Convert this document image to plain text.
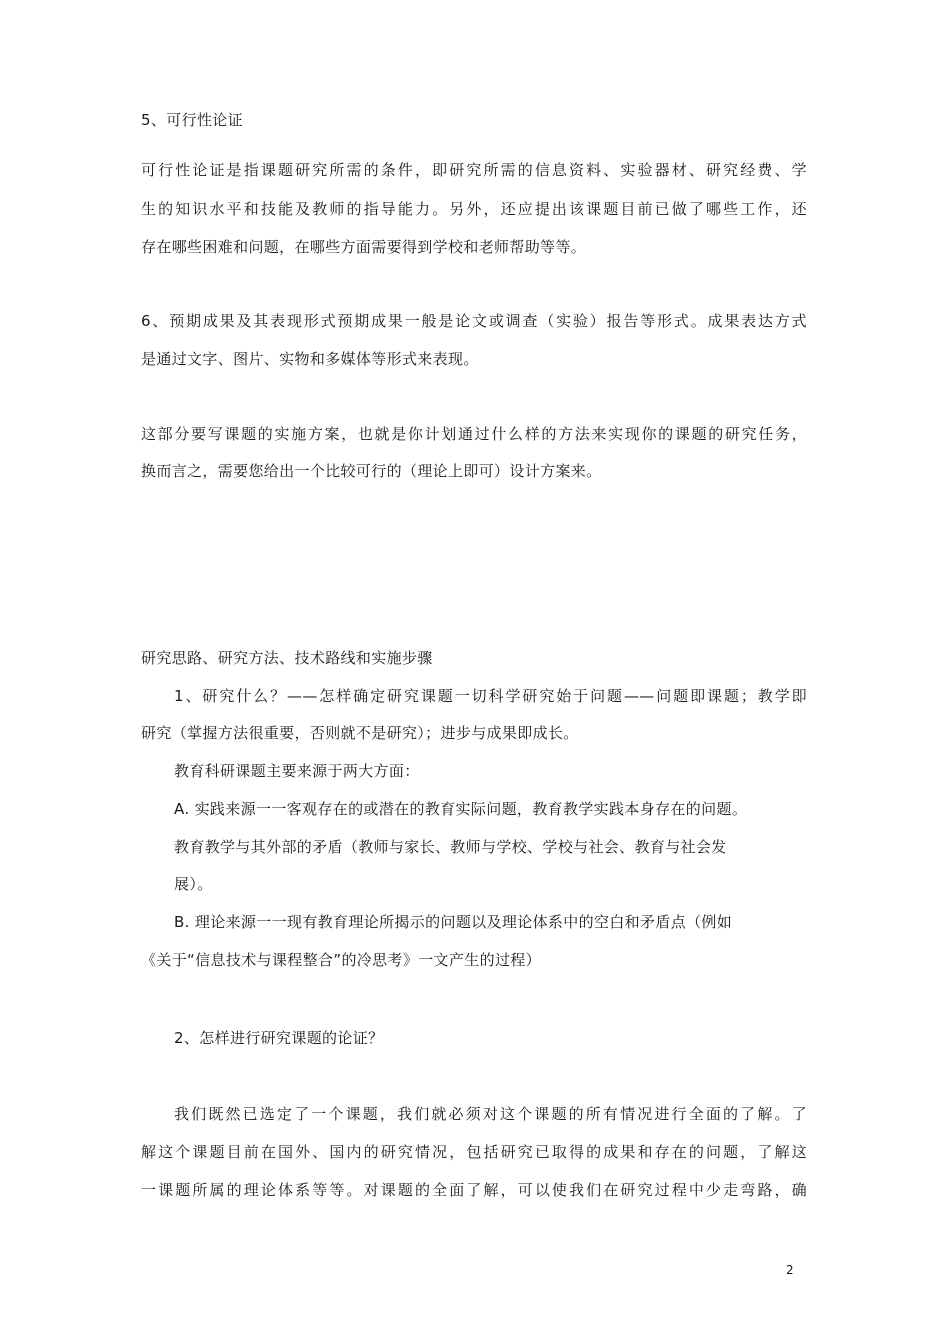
5、可行性论证
可行性论证是指课题研究所需的条件，即研究所需的信息资料、实验器材、研究经费、学
生的知识水平和技能及教师的指导能力。另外，还应提出该课题目前已做了哪些工作，还
存在哪些困难和问题，在哪些方面需要得到学校和老师帮助等等。
6、预期成果及其表现形式预期成果一般是论文或调查（实验）报告等形式。成果表达方式
是通过文字、图片、实物和多媒体等形式来表现。
这部分要写课题的实施方案，也就是你计划通过什么样的方法来实现你的课题的研究任务，
换而言之，需要您给出一个比较可行的（理论上即可）设计方案来。
研究思路、研究方法、技术路线和实施步骤
1、研究什么？——怎样确定研究课题一切科学研究始于问题——问题即课题；教学即
研究（掌握方法很重要，否则就不是研究）；进步与成果即成长。
教育科研课题主要来源于两大方面：
A. 实践来源一一客观存在的或潜在的教育实际问题，教育教学实践本身存在的问题。
教育教学与其外部的矛盾（教师与家长、教师与学校、学校与社会、教育与社会发
展）。
B. 理论来源一一现有教育理论所揭示的问题以及理论体系中的空白和矛盾点（例如
《关于“信息技术与课程整合”的冷思考》一文产生的过程）
2、怎样进行研究课题的论证？
我们既然已选定了一个课题，我们就必须对这个课题的所有情况进行全面的了解。了
解这个课题目前在国外、国内的研究情况，包括研究已取得的成果和存在的问题，了解这
一课题所属的理论体系等等。对课题的全面了解，可以使我们在研究过程中少走弯路，确
2
